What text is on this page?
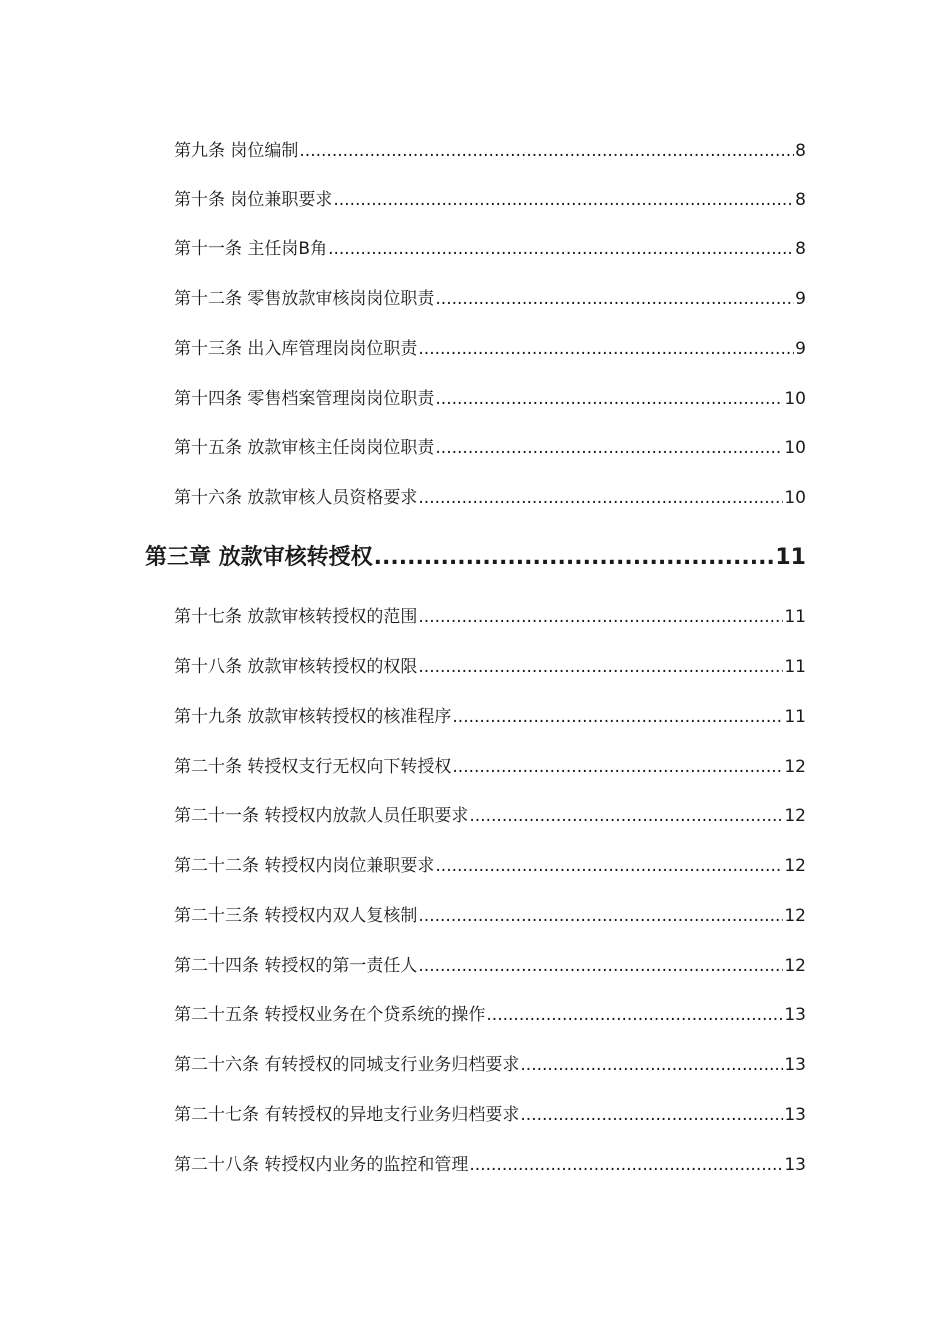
第九条 岗位编制 .....	8
第十条 岗位兼职要求 .....	8
第十一条 主任岗B角 .....	8
第十二条 零售放款审核岗岗位职责 .....	9
第十三条 出入库管理岗岗位职责 .....	9
第十四条 零售档案管理岗岗位职责 .....	10
第十五条 放款审核主任岗岗位职责 .....	10
第十六条 放款审核人员资格要求 .....	10
第三章 放款审核转授权 .....	11
第十七条 放款审核转授权的范围 .....	11
第十八条 放款审核转授权的权限 .....	11
第十九条 放款审核转授权的核准程序 .....	11
第二十条 转授权支行无权向下转授权 .....	12
第二十一条 转授权内放款人员任职要求 .....	12
第二十二条 转授权内岗位兼职要求 .....	12
第二十三条 转授权内双人复核制 .....	12
第二十四条 转授权的第一责任人 .....	12
第二十五条 转授权业务在个贷系统的操作 .....	13
第二十六条 有转授权的同城支行业务归档要求 .....	13
第二十七条 有转授权的异地支行业务归档要求 .....	13
第二十八条 转授权内业务的监控和管理 .....	13
